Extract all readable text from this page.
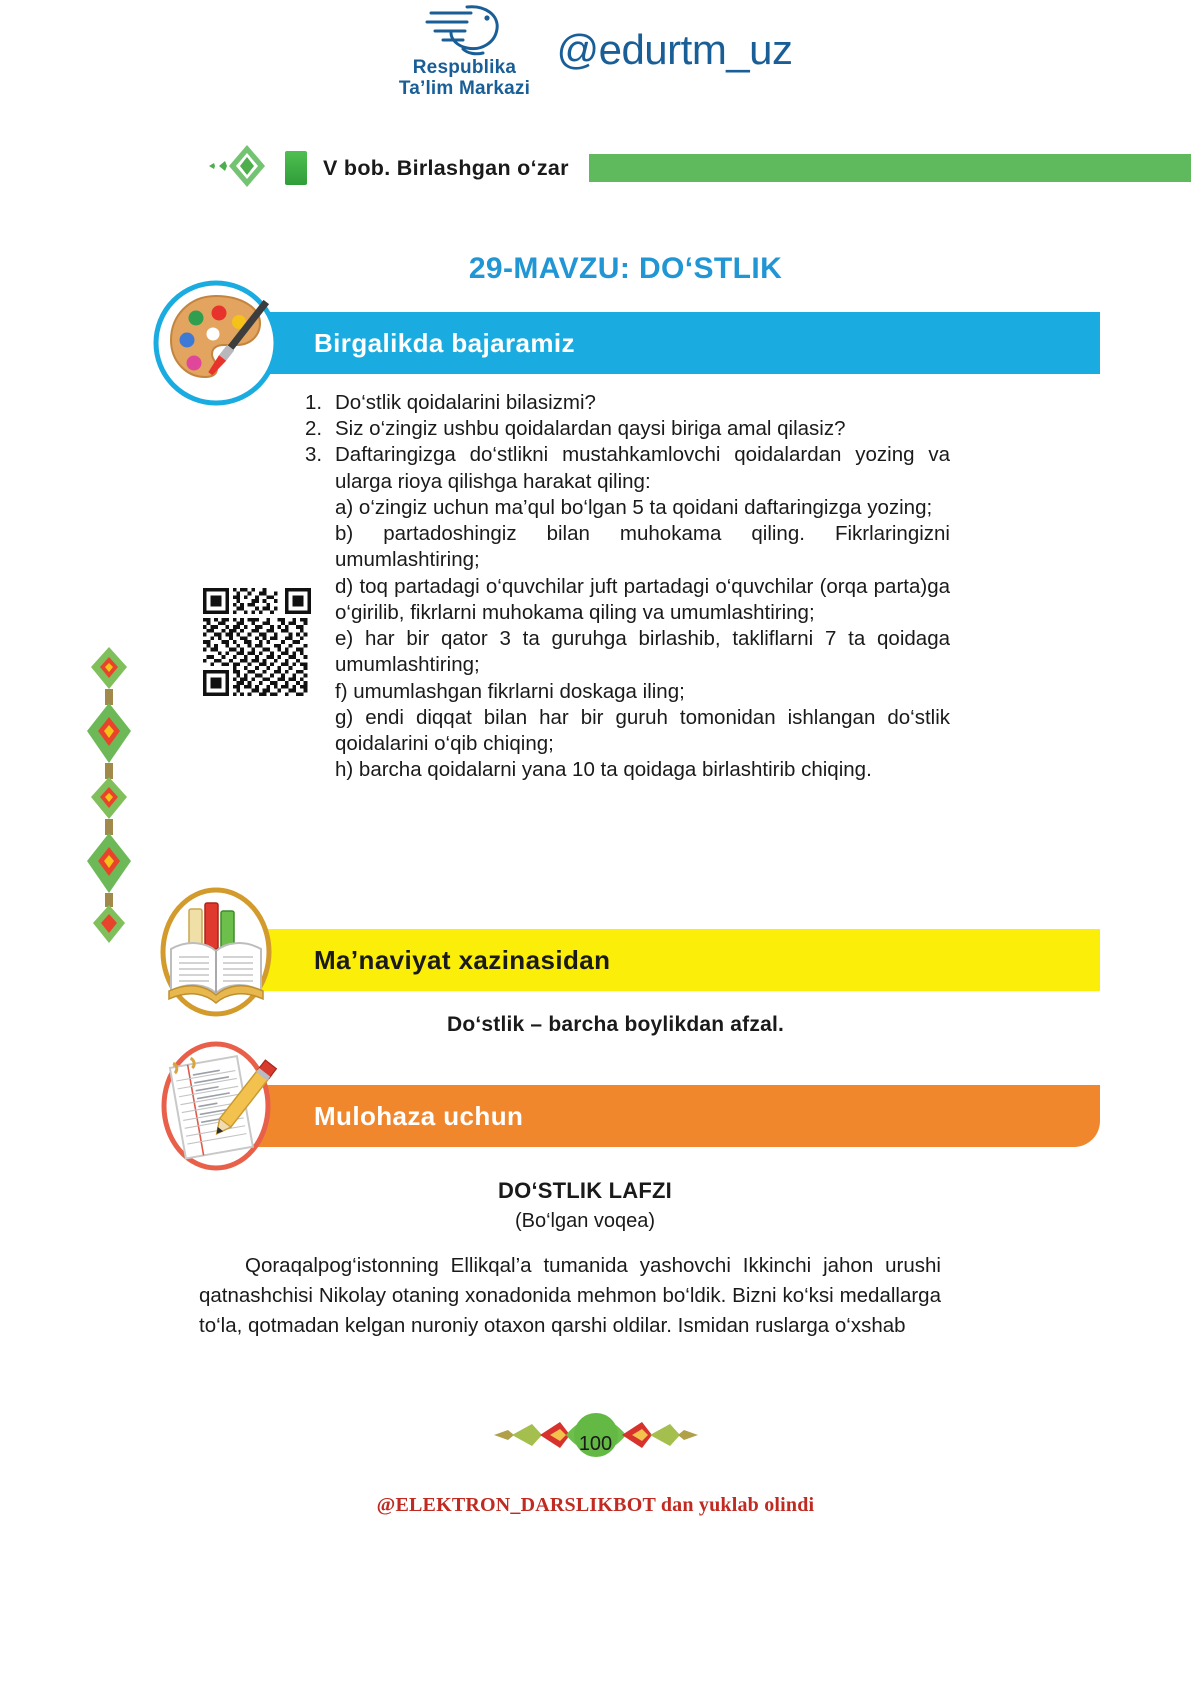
Respublika
Ta’lim Markazi
@edurtm_uz
V bob. Birlashgan o‘zar
29-MAVZU: DO‘STLIK
Birgalikda bajaramiz
1. Do‘stlik qoidalarini bilasizmi?
2. Siz o‘zingiz ushbu qoidalardan qaysi biriga amal qilasiz?
3. Daftaringizga do‘stlikni mustahkamlovchi qoidalardan yozing va ularga rioya qilishga harakat qiling:
a) o‘zingiz uchun ma’qul bo‘lgan 5 ta qoidani daftaringizga yozing;
b) partadoshingiz bilan muhokama qiling. Fikrlaringizni umumlashtiring;
d) toq partadagi o‘quvchilar juft partadagi o‘quvchilar (orqa parta)ga o‘girilib, fikrlarni muhokama qiling va umumlashtiring;
e) har bir qator 3 ta guruhga birlashib, takliflarni 7 ta qoidaga umumlashtiring;
f) umumlashgan fikrlarni doskaga iling;
g) endi diqqat bilan har bir guruh tomonidan ishlangan do‘stlik qoidalarini o‘qib chiqing;
h) barcha qoidalarni yana 10 ta qoidaga birlashtirib chiqing.
Ma’naviyat xazinasidan
Do‘stlik – barcha boylikdan afzal.
Mulohaza uchun
DO‘STLIK LAFZI
(Bo‘lgan voqea)
Qoraqalpog‘istonning Ellikqal’a tumanida yashovchi Ikkinchi jahon urushi qatnashchisi Nikolay otaning xonadonida mehmon bo‘ldik. Bizni ko‘ksi medallarga to‘la, qotmadan kelgan nuroniy otaxon qarshi oldilar. Ismidan ruslarga o‘xshab
100
@ELEKTRON_DARSLIKBOT dan yuklab olindi
